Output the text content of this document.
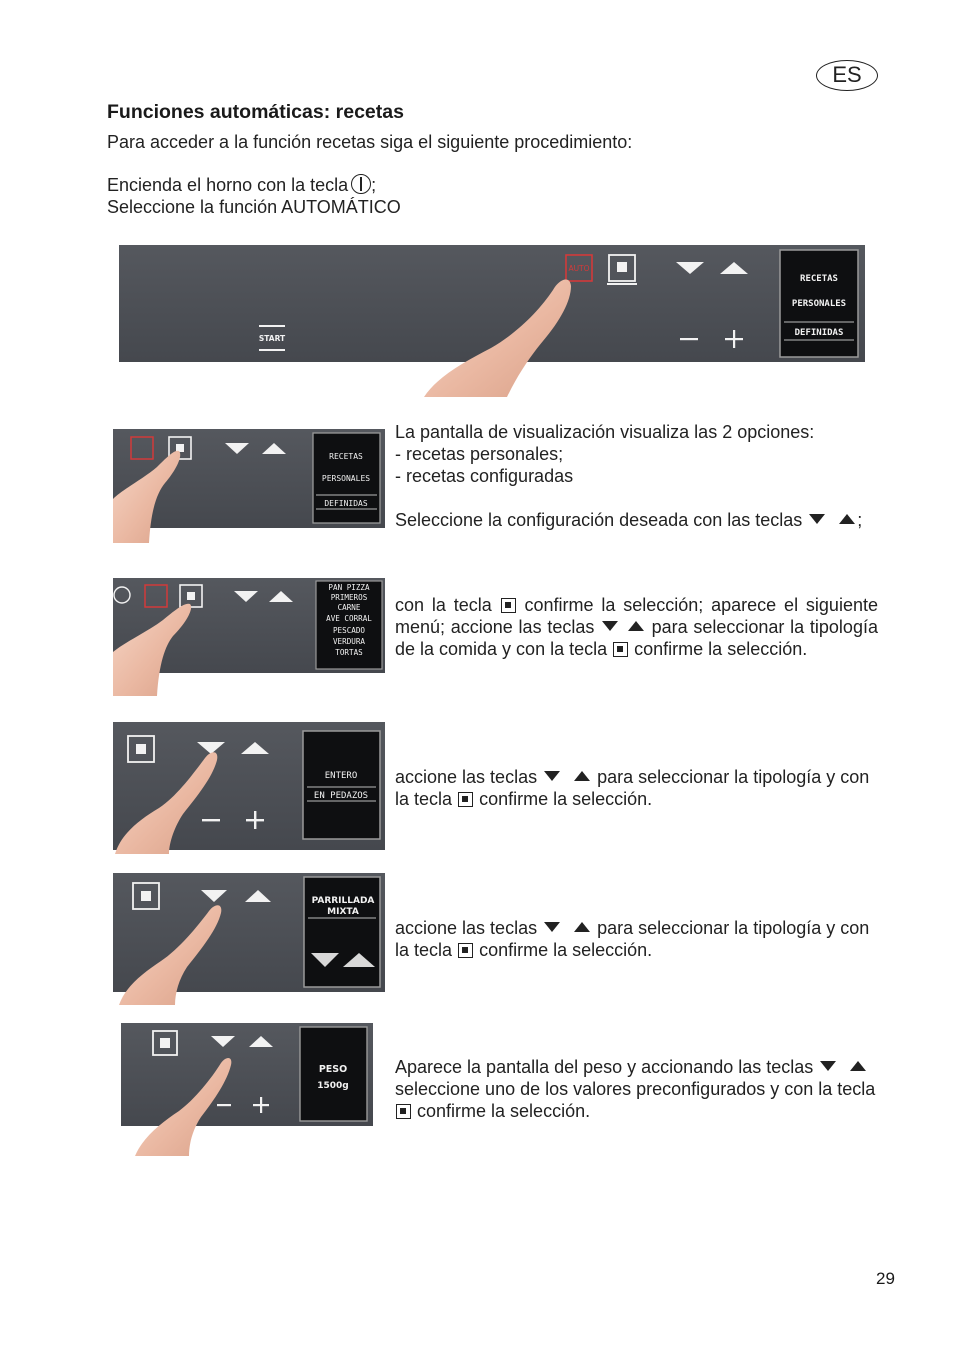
ES
Funciones automáticas: recetas
Para acceder a la función recetas siga el siguiente procedimiento:
Encienda el horno con la tecla ;
Seleccione la función AUTOMÁTICO
AUTO
START
RECETAS
PERSONALES
DEFINIDAS
RECETAS
PERSONALES
DEFINIDAS
La pantalla de visualización visualiza las 2 opciones:
- recetas personales;
- recetas configuradas
Seleccione la configuración deseada con las teclas	;
PAN PIZZA
PRIMEROS
CARNE
AVE CORRAL
PESCADO
VERDURA
TORTAS
con la tecla confirme la selección; aparece el siguiente menú; accione las teclas	para seleccionar la tipología de la comida y con la tecla confirme la selección.
ENTERO
EN PEDAZOS
accione las teclas	para seleccionar la tipología y con la tecla confirme la selección.
PARRILLADA
MIXTA
accione las teclas	para seleccionar la tipología y con la tecla confirme la selección.
PESO
1500g
Aparece la pantalla del peso y accionando las teclas  seleccione uno de los valores preconfigurados y con la tecla  confirme la selección.
29
